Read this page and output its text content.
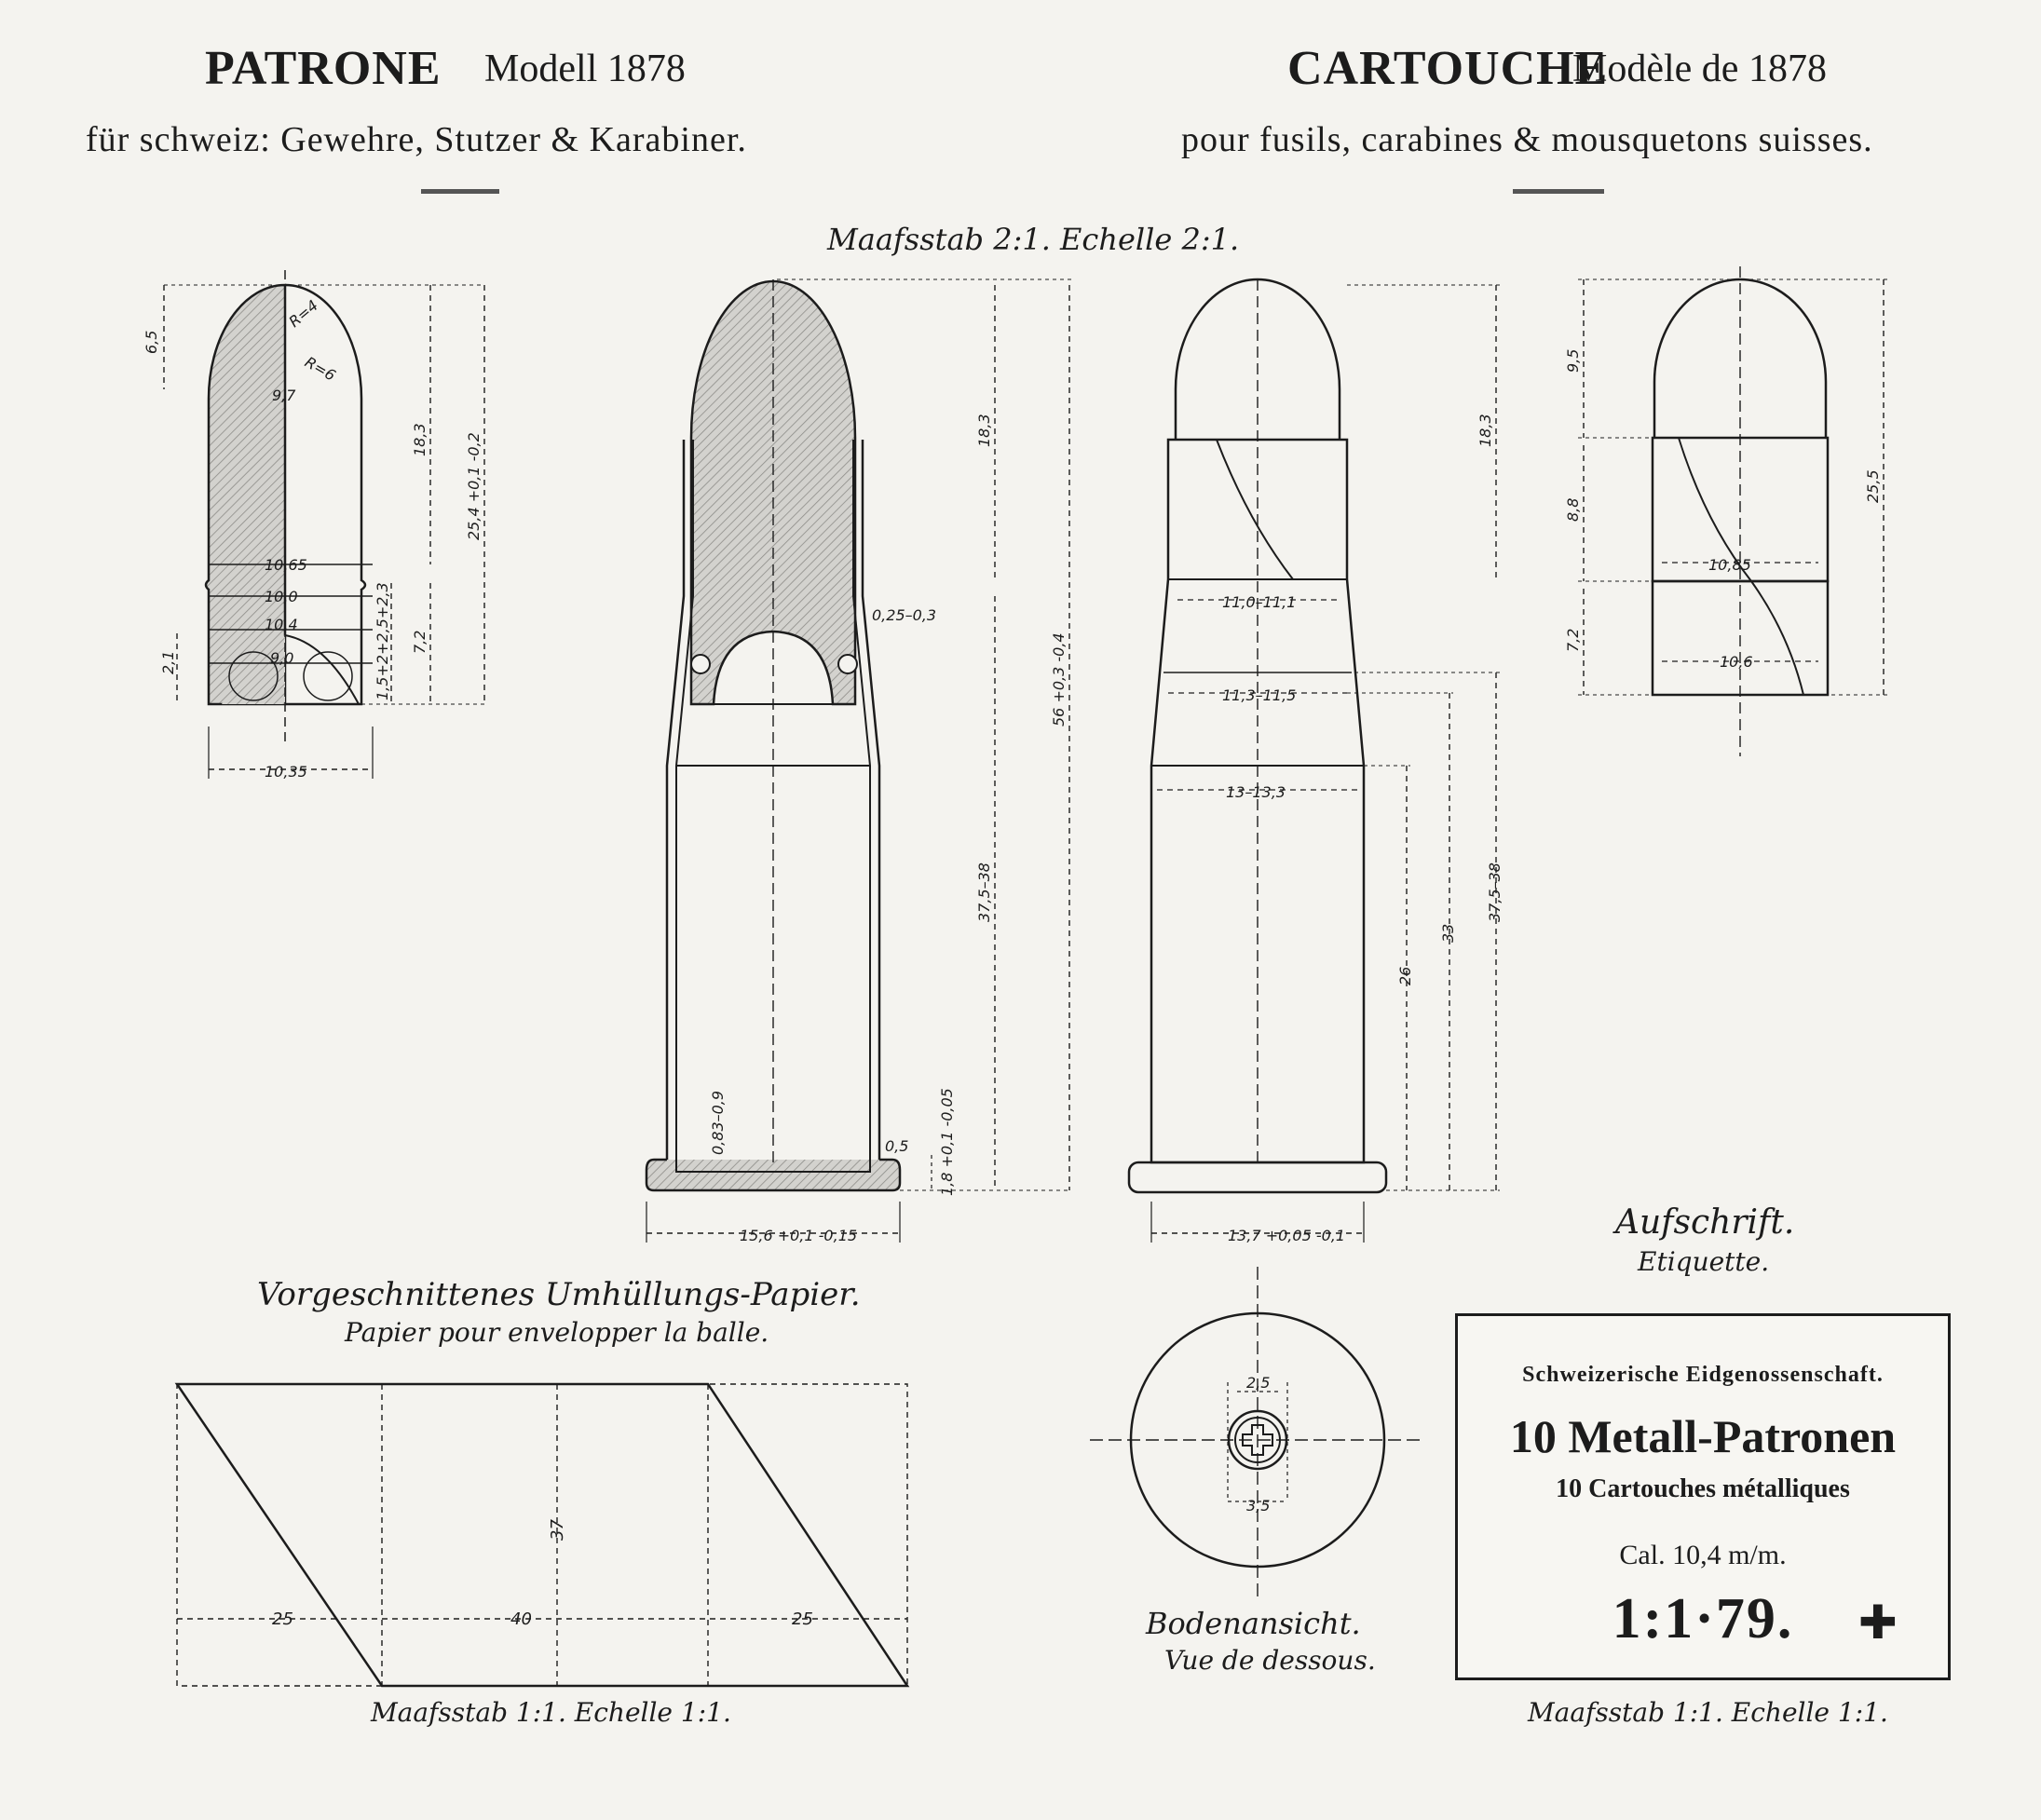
6,5
18,3 25,4 +0,1 -0,2
7,2
2,1
9,7
10,65
10,0
10,4
9,0
10,35
1,5+2+2,5+2,3
R=4
R=6
18,3
0,25–0,3
56 +0,3 -0,4
37,5–38
0,83–0,9	0,5 1,8 +0,1 -0,05
15,6 +0,1 -0,15
18,3
11,0–11,1
11,3–11,5
13–13,3
33
26
37,5–38
13,7 +0,05 -0,1
9,5
8,8
7,2
25,5
10,85
10,6
25	40	25
37
2,5
3,5
PATRONE Modell 1878
für schweiz: Gewehre, Stutzer & Karabiner.
CARTOUCHE
Modèle de 1878
pour fusils, carabines & mousquetons suisses.
Maafsstab 2:1. Echelle 2:1.
Vorgeschnittenes Umhüllungs-Papier.
Papier pour envelopper la balle.
Maafsstab 1:1. Echelle 1:1.
Bodenansicht.
Vue de dessous.
Aufschrift.
Etiquette.
Schweizerische Eidgenossenschaft.
10 Metall-Patronen
10 Cartouches métalliques
Cal. 10,4 m/m.
1:1·79.	✚
Maafsstab 1:1. Echelle 1:1.
